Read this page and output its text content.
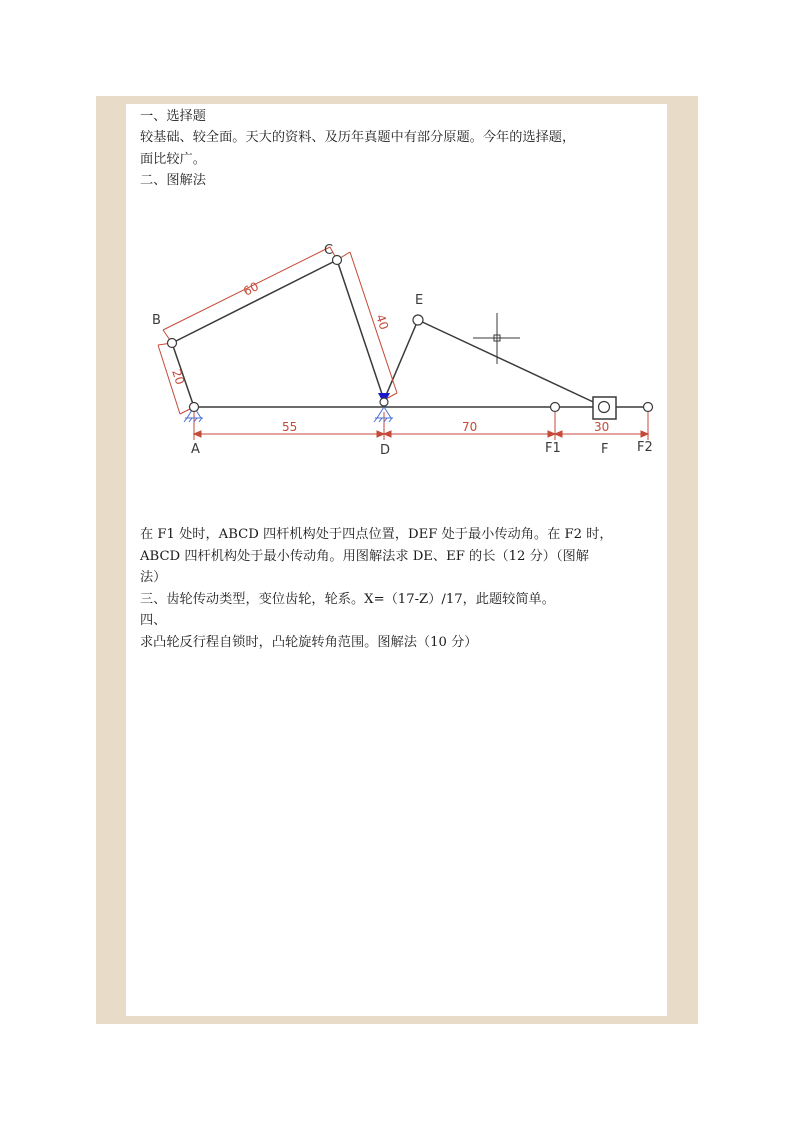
一、选择题
较基础、较全面。天大的资料、及历年真题中有部分原题。今年的选择题，
面比较广。
二、图解法
B
C
E
A	D	F1	F F2
60
40
20
55	70	30
在 F1 处时，ABCD 四杆机构处于四点位置，DEF 处于最小传动角。在 F2 时，
ABCD 四杆机构处于最小传动角。用图解法求 DE、EF 的长（12 分）（图解
法）
三、齿轮传动类型，变位齿轮，轮系。X=（17-Z）/17，此题较简单。
四、
求凸轮反行程自锁时，凸轮旋转角范围。图解法（10 分）
